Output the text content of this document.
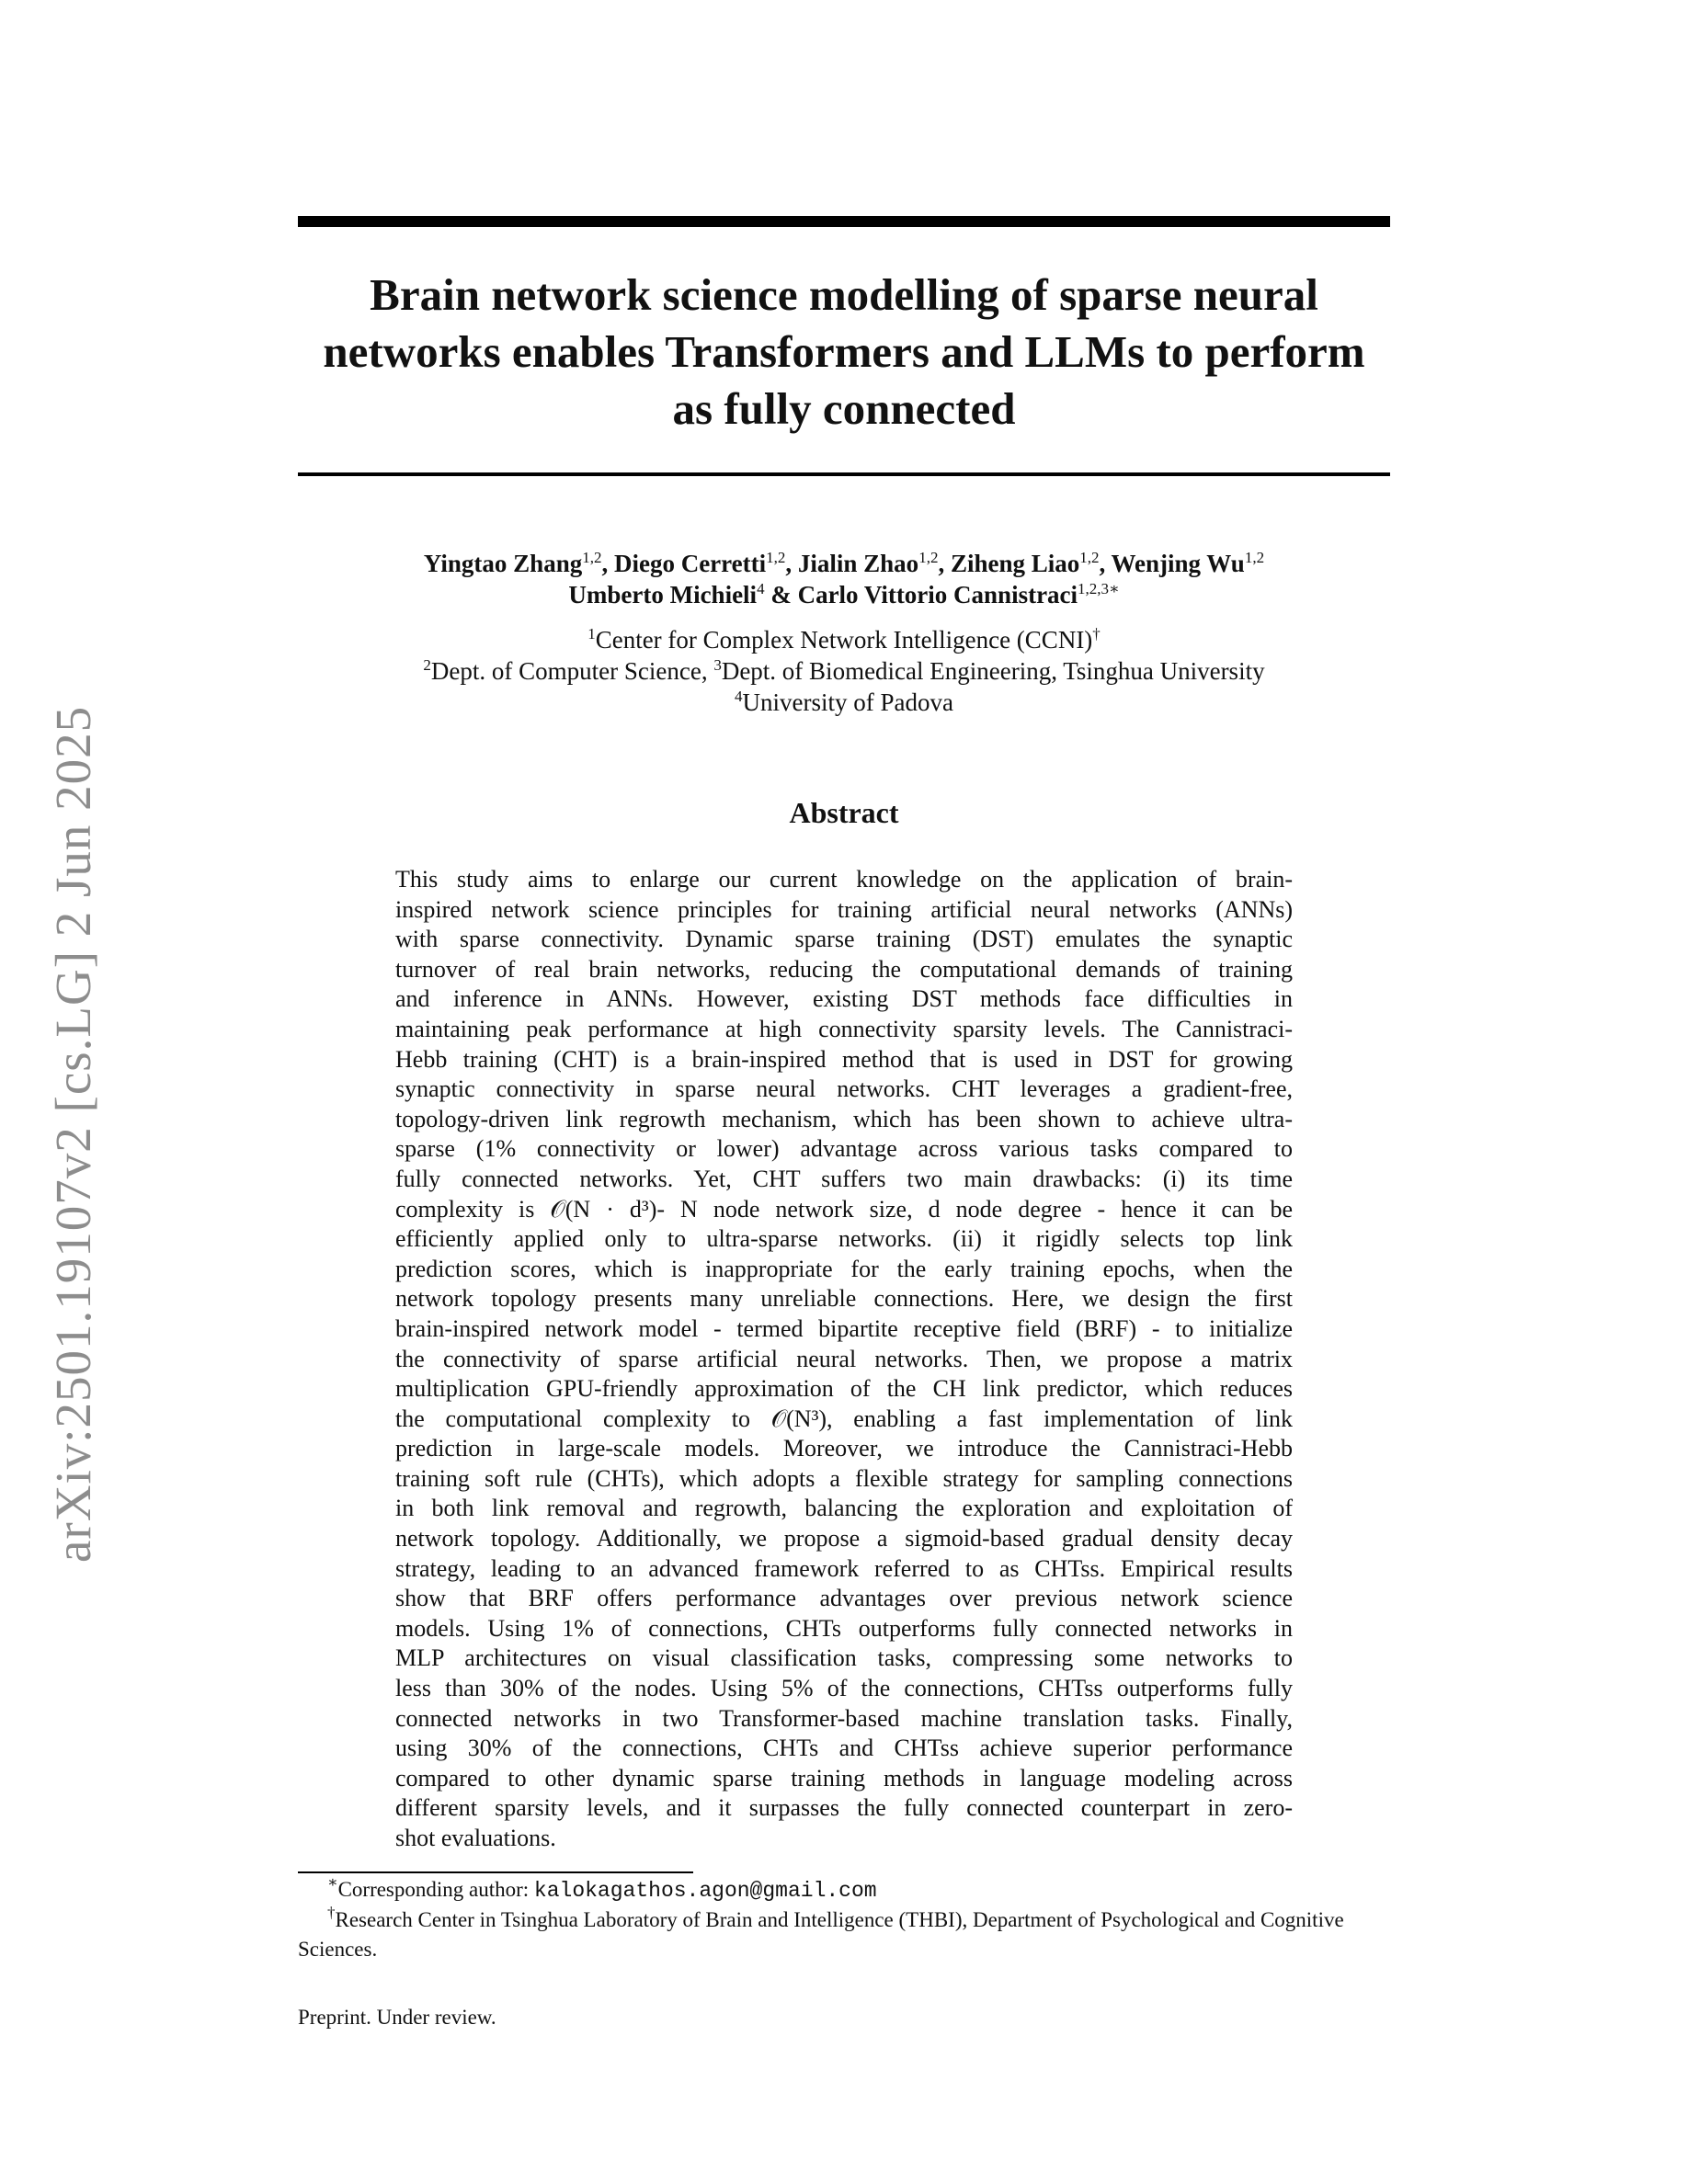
arXiv:2501.19107v2 [cs.LG] 2 Jun 2025
Brain network science modelling of sparse neural
networks enables Transformers and LLMs to perform
as fully connected
Yingtao Zhang$^{1,2}$, Diego Cerretti$^{1,2}$, Jialin Zhao$^{1,2}$, Ziheng Liao$^{1,2}$, Wenjing Wu$^{1,2}$
Umberto Michieli$^4$ & Carlo Vittorio Cannistraci$^{1,2,3∗}$
$^1$Center for Complex Network Intelligence (CCNI)†
$^2$Dept. of Computer Science, $^3$Dept. of Biomedical Engineering, Tsinghua University
$^4$University of Padova
Abstract
This study aims to enlarge our current knowledge on the application of brain-
inspired network science principles for training artificial neural networks (ANNs)
with sparse connectivity. Dynamic sparse training (DST) emulates the synaptic
turnover of real brain networks, reducing the computational demands of training
and inference in ANNs. However, existing DST methods face difficulties in
maintaining peak performance at high connectivity sparsity levels. The Cannistraci-
Hebb training (CHT) is a brain-inspired method that is used in DST for growing
synaptic connectivity in sparse neural networks. CHT leverages a gradient-free,
topology-driven link regrowth mechanism, which has been shown to achieve ultra-
sparse (1% connectivity or lower) advantage across various tasks compared to
fully connected networks. Yet, CHT suffers two main drawbacks: (i) its time
complexity is 𝒪(N · d³)- N node network size, d node degree - hence it can be
efficiently applied only to ultra-sparse networks. (ii) it rigidly selects top link
prediction scores, which is inappropriate for the early training epochs, when the
network topology presents many unreliable connections. Here, we design the first
brain-inspired network model - termed bipartite receptive field (BRF) - to initialize
the connectivity of sparse artificial neural networks. Then, we propose a matrix
multiplication GPU-friendly approximation of the CH link predictor, which reduces
the computational complexity to 𝒪(N³), enabling a fast implementation of link
prediction in large-scale models. Moreover, we introduce the Cannistraci-Hebb
training soft rule (CHTs), which adopts a flexible strategy for sampling connections
in both link removal and regrowth, balancing the exploration and exploitation of
network topology. Additionally, we propose a sigmoid-based gradual density decay
strategy, leading to an advanced framework referred to as CHTss. Empirical results
show that BRF offers performance advantages over previous network science
models. Using 1% of connections, CHTs outperforms fully connected networks in
MLP architectures on visual classification tasks, compressing some networks to
less than 30% of the nodes. Using 5% of the connections, CHTss outperforms fully
connected networks in two Transformer-based machine translation tasks. Finally,
using 30% of the connections, CHTs and CHTss achieve superior performance
compared to other dynamic sparse training methods in language modeling across
different sparsity levels, and it surpasses the fully connected counterpart in zero-
shot evaluations.

∗Corresponding author: kalokagathos.agon@gmail.com

†Research Center in Tsinghua Laboratory of Brain and Intelligence (THBI), Department of Psychological and Cognitive Sciences.

Preprint. Under review.
